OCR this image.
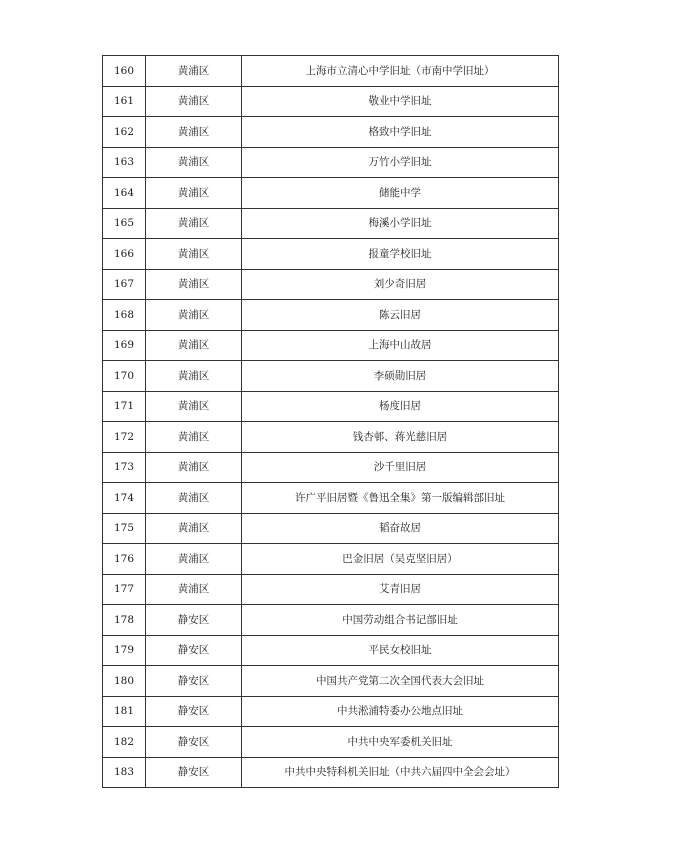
160	黄浦区	上海市立清心中学旧址（市南中学旧址）
161	黄浦区	敬业中学旧址
162	黄浦区	格致中学旧址
163	黄浦区	万竹小学旧址
164	黄浦区	储能中学
165	黄浦区	梅溪小学旧址
166	黄浦区	报童学校旧址
167	黄浦区	刘少奇旧居
168	黄浦区	陈云旧居
169	黄浦区	上海中山故居
170	黄浦区	李硕勋旧居
171	黄浦区	杨度旧居
172	黄浦区	钱杏邨、蒋光慈旧居
173	黄浦区	沙千里旧居
174	黄浦区	许广平旧居暨《鲁迅全集》第一版编辑部旧址
175	黄浦区	韬奋故居
176	黄浦区	巴金旧居（吴克坚旧居）
177	黄浦区	艾青旧居
178	静安区	中国劳动组合书记部旧址
179	静安区	平民女校旧址
180	静安区	中国共产党第二次全国代表大会旧址
181	静安区	中共淞浦特委办公地点旧址
182	静安区	中共中央军委机关旧址
183	静安区	中共中央特科机关旧址（中共六届四中全会会址）
